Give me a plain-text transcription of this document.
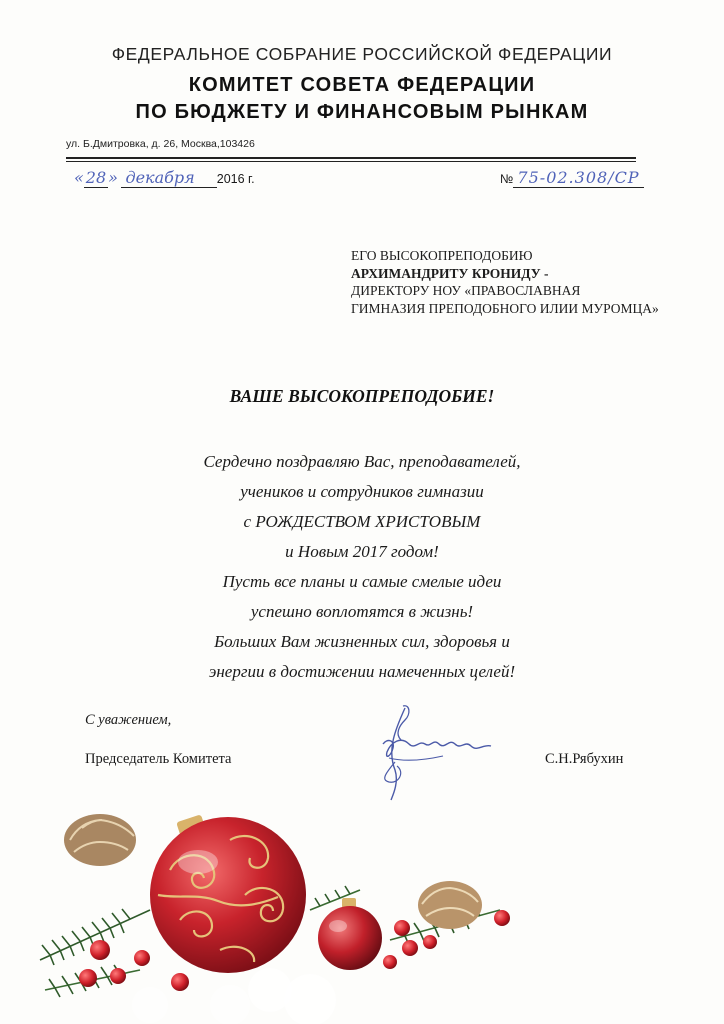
ФЕДЕРАЛЬНОЕ СОБРАНИЕ РОССИЙСКОЙ ФЕДЕРАЦИИ
КОМИТЕТ СОВЕТА ФЕДЕРАЦИИ
ПО БЮДЖЕТУ И ФИНАНСОВЫМ РЫНКАМ
ул. Б.Дмитровка, д. 26, Москва,103426
« 28 » декабря 2016 г.	№ 75-02.308/СР
ЕГО ВЫСОКОПРЕПОДОБИЮ
АРХИМАНДРИТУ КРОНИДУ -
ДИРЕКТОРУ НОУ «ПРАВОСЛАВНАЯ
ГИМНАЗИЯ ПРЕПОДОБНОГО ИЛИИ МУРОМЦА»
ВАШЕ ВЫСОКОПРЕПОДОБИЕ!
Сердечно поздравляю Вас, преподавателей,
учеников и сотрудников гимназии
с РОЖДЕСТВОМ ХРИСТОВЫМ
и Новым 2017 годом!
Пусть все планы и самые смелые идеи
успешно воплотятся в жизнь!
Больших Вам жизненных сил, здоровья и
энергии в достижении намеченных целей!
С уважением,
Председатель Комитета	С.Н.Рябухин
